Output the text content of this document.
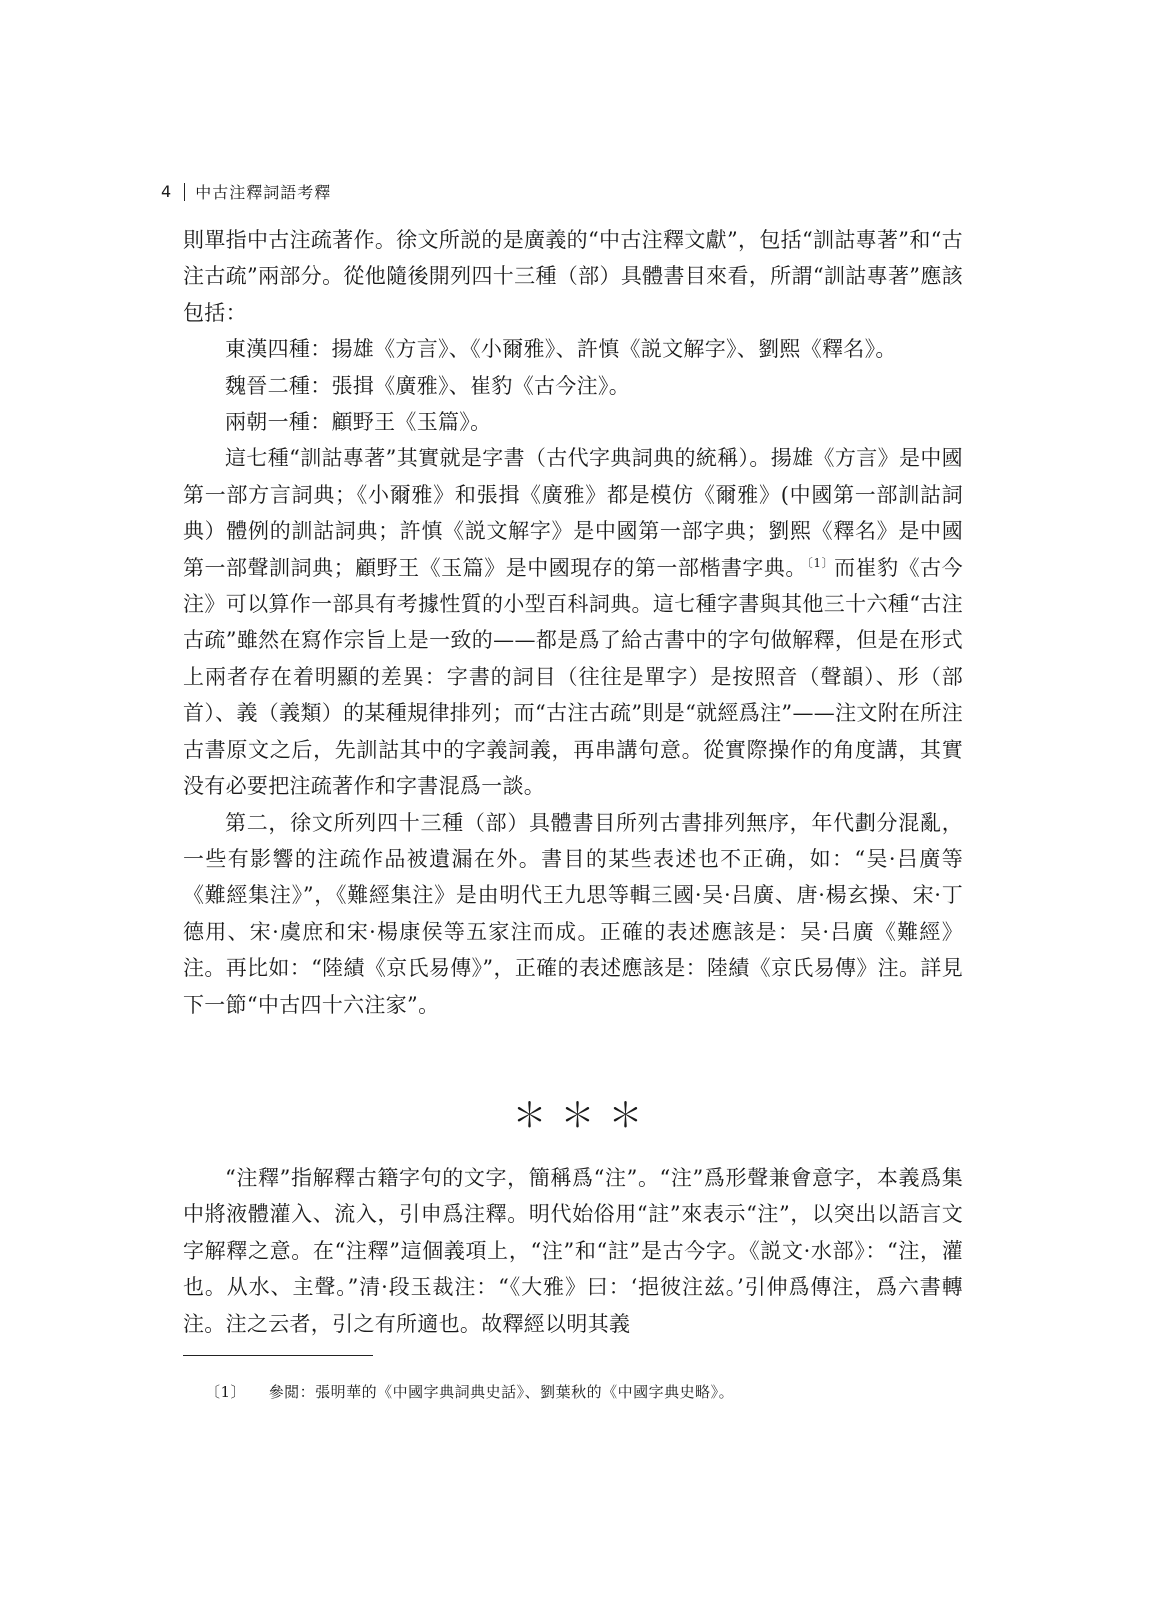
4 中古注釋詞語考釋

則單指中古注疏著作。徐文所説的是廣義的“中古注釋文獻”，包括“訓詁專著”和“古注古疏”兩部分。從他隨後開列四十三種（部）具體書目來看，所謂“訓詁專著”應該包括：

東漢四種：揚雄《方言》、《小爾雅》、許慎《説文解字》、劉熙《釋名》。

魏晉二種：張揖《廣雅》、崔豹《古今注》。

兩朝一種：顧野王《玉篇》。

這七種“訓詁專著”其實就是字書（古代字典詞典的統稱）。揚雄《方言》是中國第一部方言詞典；《小爾雅》和張揖《廣雅》都是模仿《爾雅》(中國第一部訓詁詞典）體例的訓詁詞典；許慎《説文解字》是中國第一部字典；劉熙《釋名》是中國第一部聲訓詞典；顧野王《玉篇》是中國現存的第一部楷書字典。$^{〔1〕}$而崔豹《古今注》可以算作一部具有考據性質的小型百科詞典。這七種字書與其他三十六種“古注古疏”雖然在寫作宗旨上是一致的——都是爲了給古書中的字句做解釋，但是在形式上兩者存在着明顯的差異：字書的詞目（往往是單字）是按照音（聲韻）、形（部首）、義（義類）的某種規律排列；而“古注古疏”則是“就經爲注”——注文附在所注古書原文之后，先訓詁其中的字義詞義，再串講句意。從實際操作的角度講，其實没有必要把注疏著作和字書混爲一談。

第二，徐文所列四十三種（部）具體書目所列古書排列無序，年代劃分混亂，一些有影響的注疏作品被遺漏在外。書目的某些表述也不正确，如：“吴·吕廣等《難經集注》”，《難經集注》是由明代王九思等輯三國·吴·吕廣、唐·楊玄操、宋·丁德用、宋·虞庶和宋·楊康侯等五家注而成。正確的表述應該是：吴·吕廣《難經》注。再比如：“陸績《京氏易傳》”，正確的表述應該是：陸績《京氏易傳》注。詳見下一節“中古四十六注家”。

＊＊＊

“注釋”指解釋古籍字句的文字，簡稱爲“注”。“注”爲形聲兼會意字，本義爲集中將液體灌入、流入，引申爲注釋。明代始俗用“註”來表示“注”，以突出以語言文字解釋之意。在“注釋”這個義項上，“注”和“註”是古今字。《説文·水部》：“注，灌也。从水、主聲。”清·段玉裁注：“《大雅》曰：‘挹彼注兹。’引伸爲傳注，爲六書轉注。注之云者，引之有所適也。故釋經以明其義

〔1〕 參閲：張明華的《中國字典詞典史話》、劉葉秋的《中國字典史略》。
